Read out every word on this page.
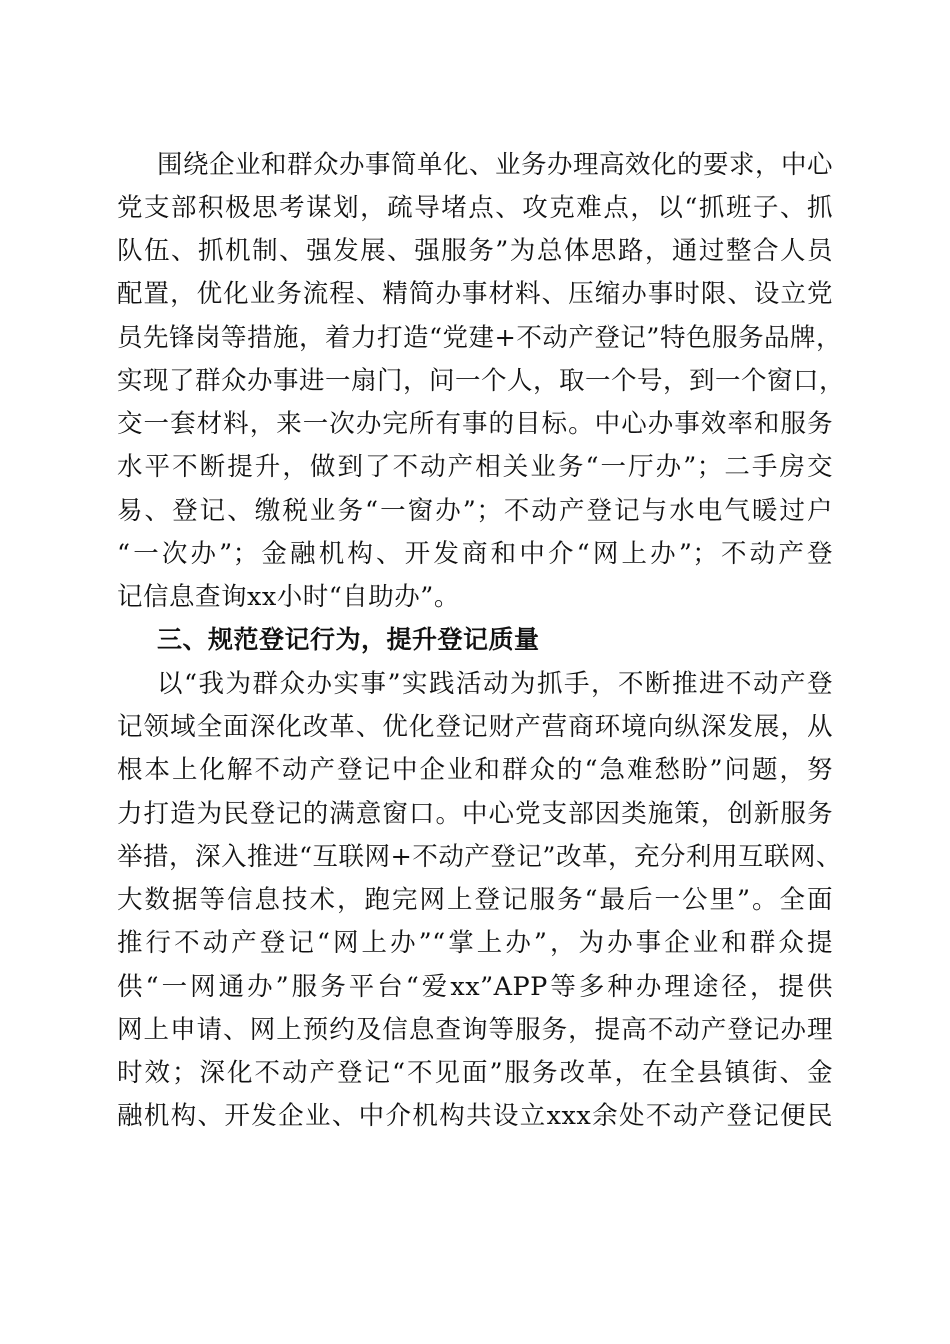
围绕企业和群众办事简单化、业务办理高效化的要求，中心
党支部积极思考谋划，疏导堵点、攻克难点，以“抓班子、抓
队伍、抓机制、强发展、强服务”为总体思路，通过整合人员
配置，优化业务流程、精简办事材料、压缩办事时限、设立党
员先锋岗等措施，着力打造“党建+不动产登记”特色服务品牌，
实现了群众办事进一扇门，问一个人，取一个号，到一个窗口，
交一套材料，来一次办完所有事的目标。中心办事效率和服务
水平不断提升，做到了不动产相关业务“一厅办”；二手房交
易、登记、缴税业务“一窗办”；不动产登记与水电气暖过户
“一次办”；金融机构、开发商和中介“网上办”；不动产登
记信息查询xx小时“自助办”。
三、规范登记行为，提升登记质量
以“我为群众办实事”实践活动为抓手，不断推进不动产登
记领域全面深化改革、优化登记财产营商环境向纵深发展，从
根本上化解不动产登记中企业和群众的“急难愁盼”问题，努
力打造为民登记的满意窗口。中心党支部因类施策，创新服务
举措，深入推进“互联网+不动产登记”改革，充分利用互联网、
大数据等信息技术，跑完网上登记服务“最后一公里”。全面
推行不动产登记“网上办”“掌上办”，为办事企业和群众提
供“一网通办”服务平台“爱xx”APP等多种办理途径，提供
网上申请、网上预约及信息查询等服务，提高不动产登记办理
时效；深化不动产登记“不见面”服务改革，在全县镇街、金
融机构、开发企业、中介机构共设立xxx余处不动产登记便民
